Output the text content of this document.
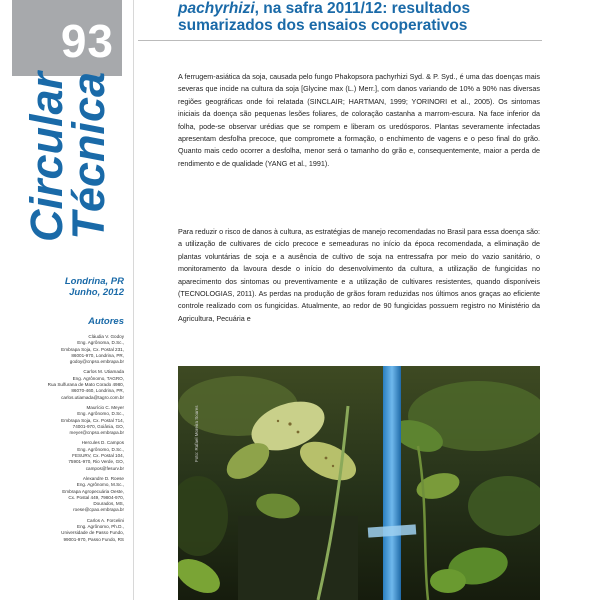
93
Circular
Técnica
Londrina, PR
Junho, 2012
Autores
Cláudia V. Godoy
Eng. Agrônoma, D.Sc.,
Embrapa Soja, Cx. Postal 231,
86001-970, Londrina, PR,
godoy@cnpso.embrapa.br
Carlos M. Utiamada
Eng. Agrônomo, TAGRO,
Rua Sulfurana de Mato Corado 4980,
86070-460, Londrina, PR,
carlos.utiamada@tagro.com.br
Maurício C. Meyer
Eng. Agrônomo, D.Sc.,
Embrapa Soja, Cx. Postal 714,
74001-970, Goiânia, GO,
meyer@cnpso.embrapa.br
Hercules D. Campos
Eng. Agrônomo, D.Sc.,
FESURV, Cx. Postal 104,
75901-970, Rio Verde, GO,
campos@fesurv.br
Alexandre D. Roese
Eng. Agrônomo, M.Sc.,
Embrapa Agropecuária Oeste,
Cx. Postal 449, 79804-970,
Dourados, MS,
roese@cpao.embrapa.br
Carlos A. Forcelini
Eng. Agrônomo, Ph.D.,
Universidade de Passo Fundo,
99001-970, Passo Fundo, RS
pachyrhizi, na safra 2011/12: resultados
sumarizados dos ensaios cooperativos

A ferrugem-asiática da soja, causada pelo fungo Phakopsora pachyrhizi Syd. & P. Syd., é uma das doenças mais severas que incide na cultura da soja [Glycine max (L.) Merr.], com danos variando de 10% a 90% nas diversas regiões geográficas onde foi relatada (SINCLAIR; HARTMAN, 1999; YORINORI et al., 2005). Os sintomas iniciais da doença são pequenas lesões foliares, de coloração castanha a marrom-escura. Na face inferior da folha, pode-se observar urédias que se rompem e liberam os uredósporos. Plantas severamente infectadas apresentam desfolha precoce, que compromete a formação, o enchimento de vagens e o peso final do grão. Quanto mais cedo ocorrer a desfolha, menor será o tamanho do grão e, consequentemente, maior a perda de rendimento e de qualidade (YANG et al., 1991).

Para reduzir o risco de danos à cultura, as estratégias de manejo recomendadas no Brasil para essa doença são: a utilização de cultivares de ciclo precoce e semeaduras no início da época recomendada, a eliminação de plantas voluntárias de soja e a ausência de cultivo de soja na entressafra por meio do vazio sanitário, o monitoramento da lavoura desde o início do desenvolvimento da cultura, a utilização de fungicidas no aparecimento dos sintomas ou preventivamente e a utilização de cultivares resistentes, quando disponíveis (TECNOLOGIAS, 2011). As perdas na produção de grãos foram reduzidas nos últimos anos graças ao eficiente controle realizado com os fungicidas. Atualmente, ao redor de 90 fungicidas possuem registro no Ministério da Agricultura, Pecuária e

Foto: Rafael Moreira Soares
